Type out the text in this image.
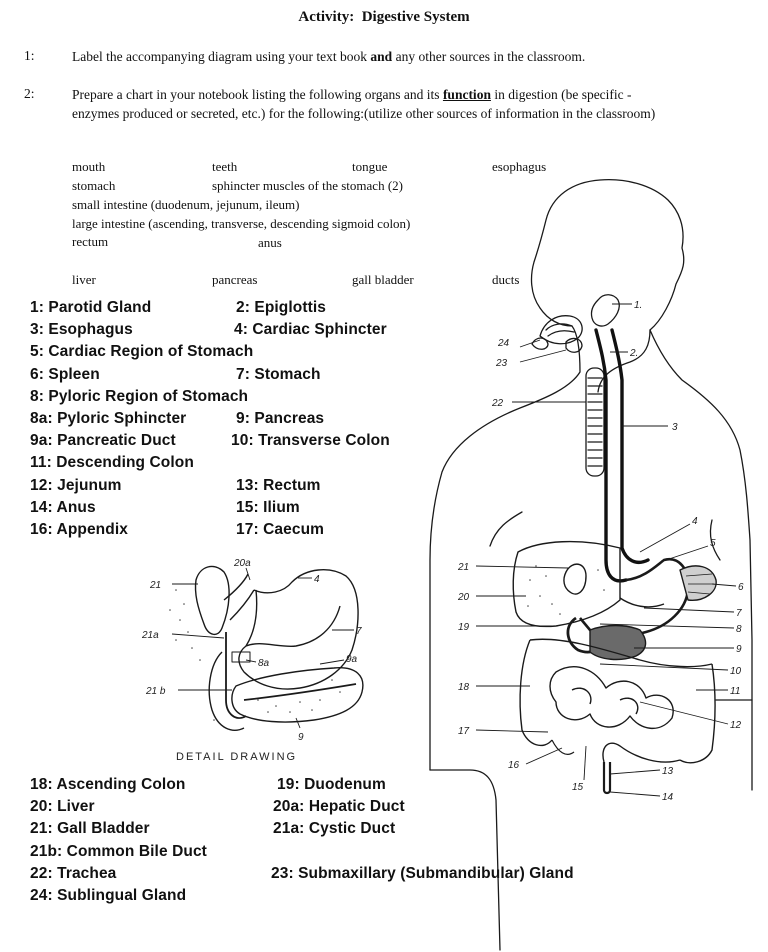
Activity: Digestive System
1:	Label the accompanying diagram using your text book and any other sources in the classroom.
2:	Prepare a chart in your notebook listing the following organs and its function in digestion (be specific - enzymes produced or secreted, etc.) for the following:(utilize other sources of information in the classroom)
mouth	teeth	tongue	esophagus
stomach	sphincter muscles of the stomach (2)
small intestine (duodenum, jejunum, ileum)
large intestine (ascending, transverse, descending sigmoid colon)
rectum	anus
liver	pancreas	gall bladder	ducts
1: Parotid Gland	2: Epiglottis
3: Esophagus	4: Cardiac Sphincter
5: Cardiac Region of Stomach
6: Spleen	7: Stomach
8: Pyloric Region of Stomach
8a: Pyloric Sphincter	9: Pancreas
9a: Pancreatic Duct	10: Transverse Colon
11: Descending Colon
12: Jejunum	13: Rectum
14: Anus	15: Ilium
16: Appendix	17: Caecum
18: Ascending Colon	19: Duodenum
20: Liver	20a: Hepatic Duct
21: Gall Bladder	21a: Cystic Duct
21b: Common Bile Duct
22: Trachea	23: Submaxillary (Submandibular) Gland
24: Sublingual Gland
1.
2.
3
4
5
6
7
8
9
10
11
12
13
14
15
16
17
18
19
20
21
22
23
24
21
20a
4
7
21a
8a	9a
21 b
9
DETAIL DRAWING
